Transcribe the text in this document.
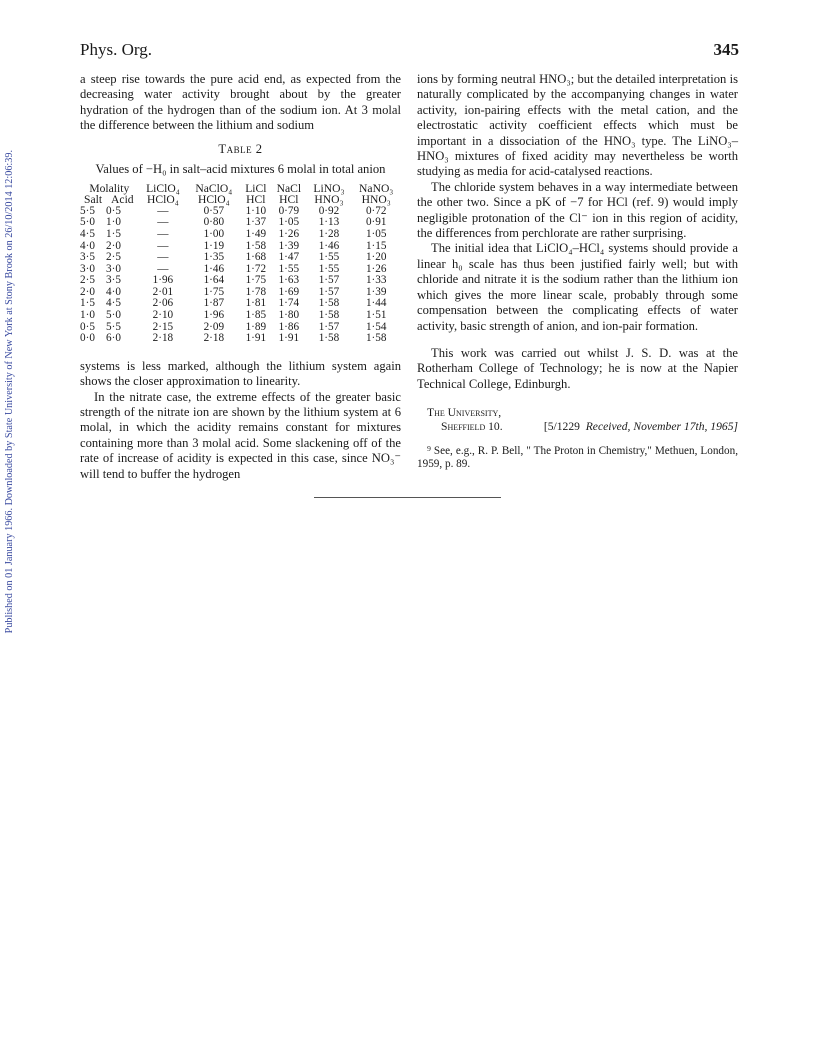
Published on 01 January 1966. Downloaded by State University of New York at Stony Brook on 26/10/2014 12:06:39.
Phys. Org.	345

a steep rise towards the pure acid end, as expected from the decreasing water activity brought about by the greater hydration of the hydrogen than of the sodium ion. At 3 molal the difference between the lithium and sodium

Table 2
Values of −H₀ in salt–acid mixtures 6 molal in total anion
Molality		LiClO₄	NaClO₄	LiCl	NaCl	LiNO₃	NaNO₃
Salt	Acid	HClO₄	HClO₄	HCl	HCl	HNO₃	HNO₃
5·5	0·5	—	0·57	1·10	0·79	0·92	0·72
5·0	1·0	—	0·80	1·37	1·05	1·13	0·91
4·5	1·5	—	1·00	1·49	1·26	1·28	1·05
4·0	2·0	—	1·19	1·58	1·39	1·46	1·15
3·5	2·5	—	1·35	1·68	1·47	1·55	1·20
3·0	3·0	—	1·46	1·72	1·55	1·55	1·26
2·5	3·5	1·96	1·64	1·75	1·63	1·57	1·33
2·0	4·0	2·01	1·75	1·78	1·69	1·57	1·39
1·5	4·5	2·06	1·87	1·81	1·74	1·58	1·44
1·0	5·0	2·10	1·96	1·85	1·80	1·58	1·51
0·5	5·5	2·15	2·09	1·89	1·86	1·57	1·54
0·0	6·0	2·18	2·18	1·91	1·91	1·58	1·58

systems is less marked, although the lithium system again shows the closer approximation to linearity.

In the nitrate case, the extreme effects of the greater basic strength of the nitrate ion are shown by the lithium system at 6 molal, in which the acidity remains constant for mixtures containing more than 3 molal acid. Some slackening off of the rate of increase of acidity is expected in this case, since NO₃⁻ will tend to buffer the hydrogen

ions by forming neutral HNO₃; but the detailed interpretation is naturally complicated by the accompanying changes in water activity, ion-pairing effects with the metal cation, and the electrostatic activity coefficient effects which must be important in a dissociation of the HNO₃ type. The LiNO₃–HNO₃ mixtures of fixed acidity may nevertheless be worth studying as media for acid-catalysed reactions.

The chloride system behaves in a way intermediate between the other two. Since a pK of −7 for HCl (ref. 9) would imply negligible protonation of the Cl⁻ ion in this region of acidity, the differences from perchlorate are rather surprising.

The initial idea that LiClO₄–HCl₄ systems should provide a linear h₀ scale has thus been justified fairly well; but with chloride and nitrate it is the sodium rather than the lithium ion which gives the more linear scale, probably through some compensation between the complicating effects of water activity, basic strength of anion, and ion-pair formation.

This work was carried out whilst J. S. D. was at the Rotherham College of Technology; he is now at the Napier Technical College, Edinburgh.

The University,
Sheffield 10.	[5/1229 Received, November 17th, 1965]

⁹ See, e.g., R. P. Bell, " The Proton in Chemistry," Methuen, London, 1959, p. 89.
